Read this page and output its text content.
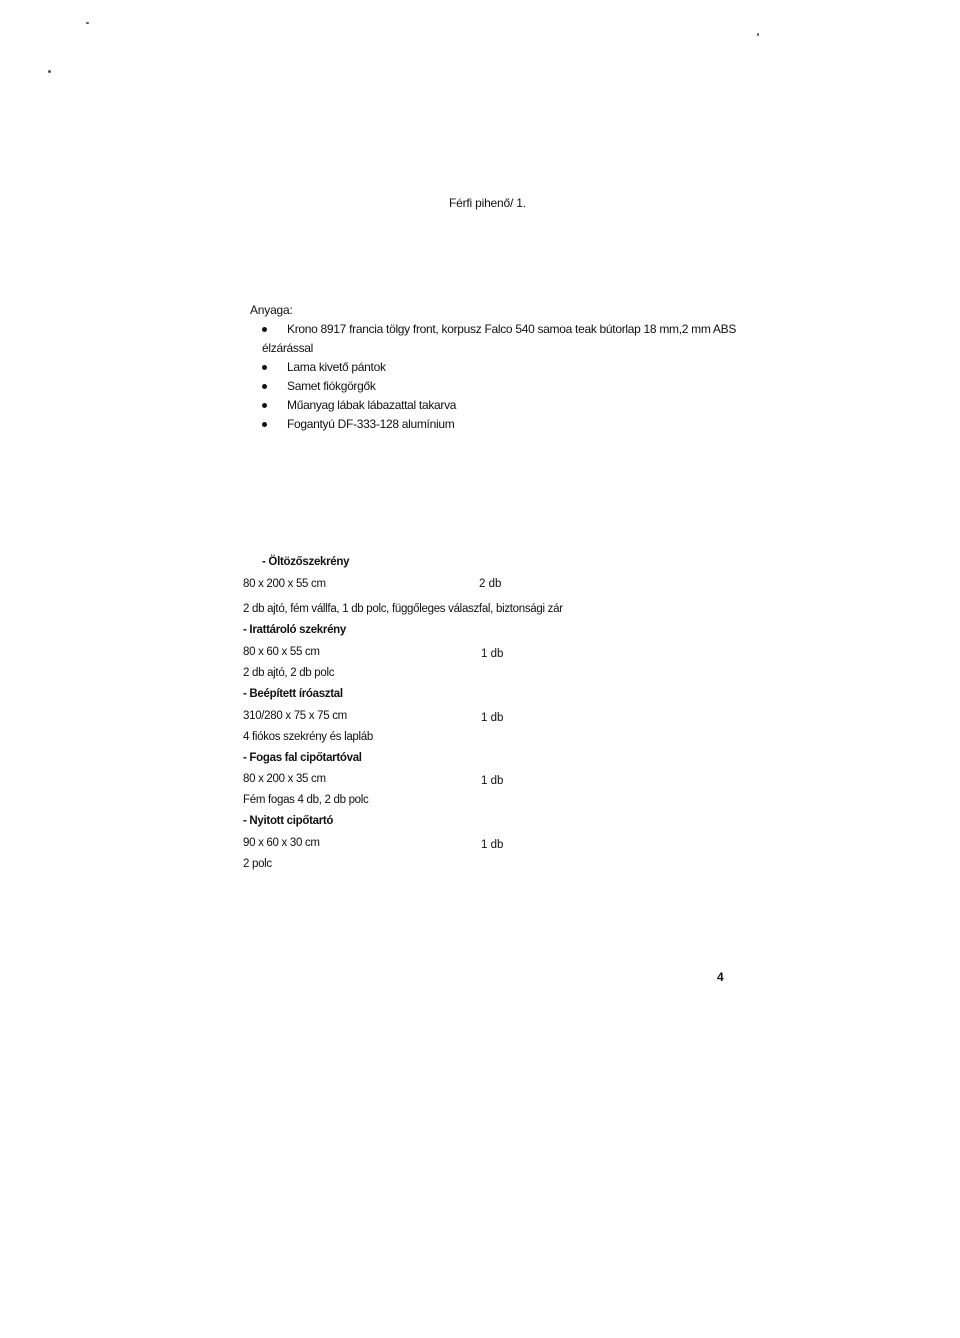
Férfi pihenő/ 1.
Anyaga:
Krono 8917 francia tölgy front, korpusz Falco 540 samoa teak bútorlap 18 mm,2 mm ABS
élzárással
Lama kivető pántok
Samet fiókgörgők
Műanyag lábak lábazattal takarva
Fogantyú DF-333-128 alumínium
- Öltözőszekrény
80 x 200 x 55 cm	2 db
2 db ajtó, fém vállfa, 1 db polc, függőleges válaszfal, biztonsági zár
- Irattároló szekrény
80 x 60 x 55 cm	1 db
2 db ajtó, 2 db polc
- Beépített íróasztal
310/280 x 75 x 75 cm	1 db
4 fiókos szekrény és lapláb
- Fogas fal cipőtartóval
80 x 200 x 35 cm	1 db
Fém fogas 4 db, 2 db polc
- Nyitott cipőtartó
90 x 60 x 30 cm	1 db
2 polc
4
